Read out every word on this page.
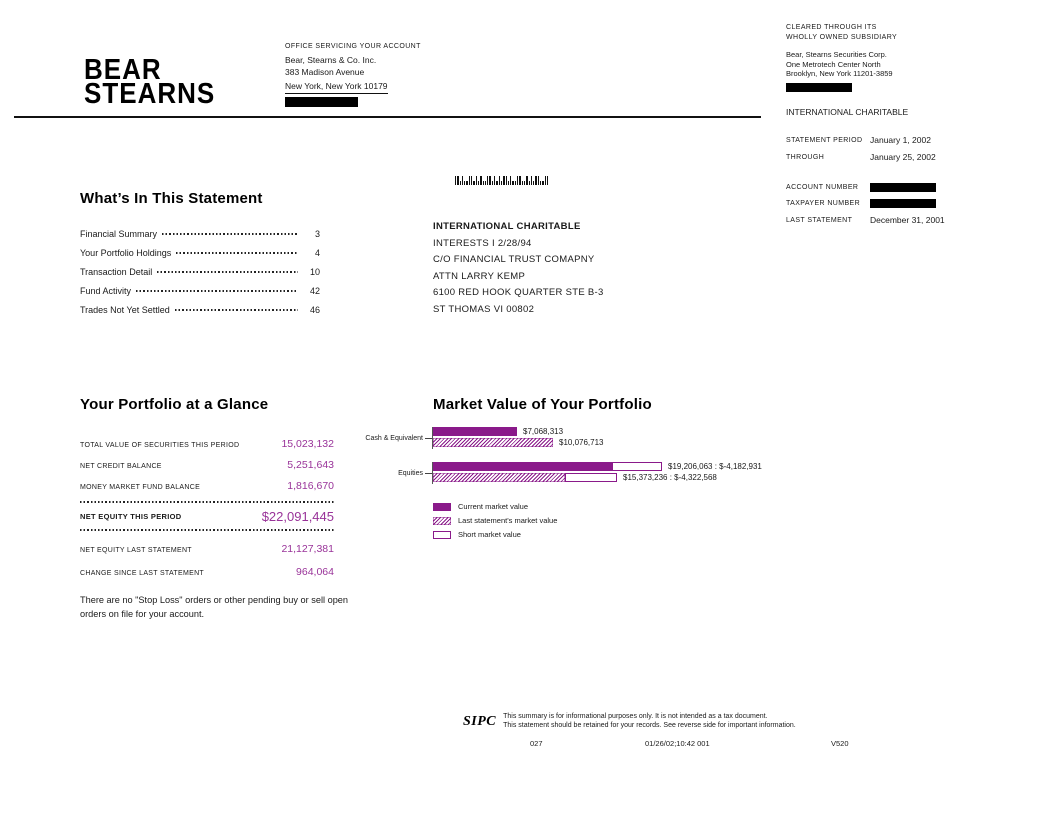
BEAR
STEARNS
OFFICE SERVICING YOUR ACCOUNT
Bear, Stearns & Co. Inc.
383 Madison Avenue
New York, New York 10179
CLEARED THROUGH ITS
WHOLLY OWNED SUBSIDIARY
Bear, Stearns Securities Corp.
One Metrotech Center North
Brooklyn, New York 11201-3859
INTERNATIONAL CHARITABLE
STATEMENT PERIOD January 1, 2002
THROUGH	January 25, 2002
ACCOUNT NUMBER
TAXPAYER NUMBER
LAST STATEMENT	December 31, 2001
What’s In This Statement
Financial Summary	3
Your Portfolio Holdings	4
Transaction Detail	10
Fund Activity	42
Trades Not Yet Settled	46
INTERNATIONAL CHARITABLE
INTERESTS I 2/28/94
C/O FINANCIAL TRUST COMAPNY
ATTN LARRY KEMP
6100 RED HOOK QUARTER STE B-3
ST THOMAS VI 00802
Your Portfolio at a Glance
TOTAL VALUE OF SECURITIES THIS PERIOD	15,023,132
NET CREDIT BALANCE	5,251,643
MONEY MARKET FUND BALANCE	1,816,670
NET EQUITY THIS PERIOD	$22,091,445
NET EQUITY LAST STATEMENT	21,127,381
CHANGE SINCE LAST STATEMENT	964,064
There are no "Stop Loss" orders or other pending buy or sell open orders on file for your account.
Market Value of Your Portfolio
Cash & Equivalent
$7,068,313
$10,076,713
Equities
$19,206,063 : $-4,182,931
$15,373,236 : $-4,322,568
Current market value
Last statement's market value
Short market value
SIPC This summary is for informational purposes only. It is not intended as a tax document.
This statement should be retained for your records. See reverse side for important information.
027	01/26/02;10:42 001	V520
